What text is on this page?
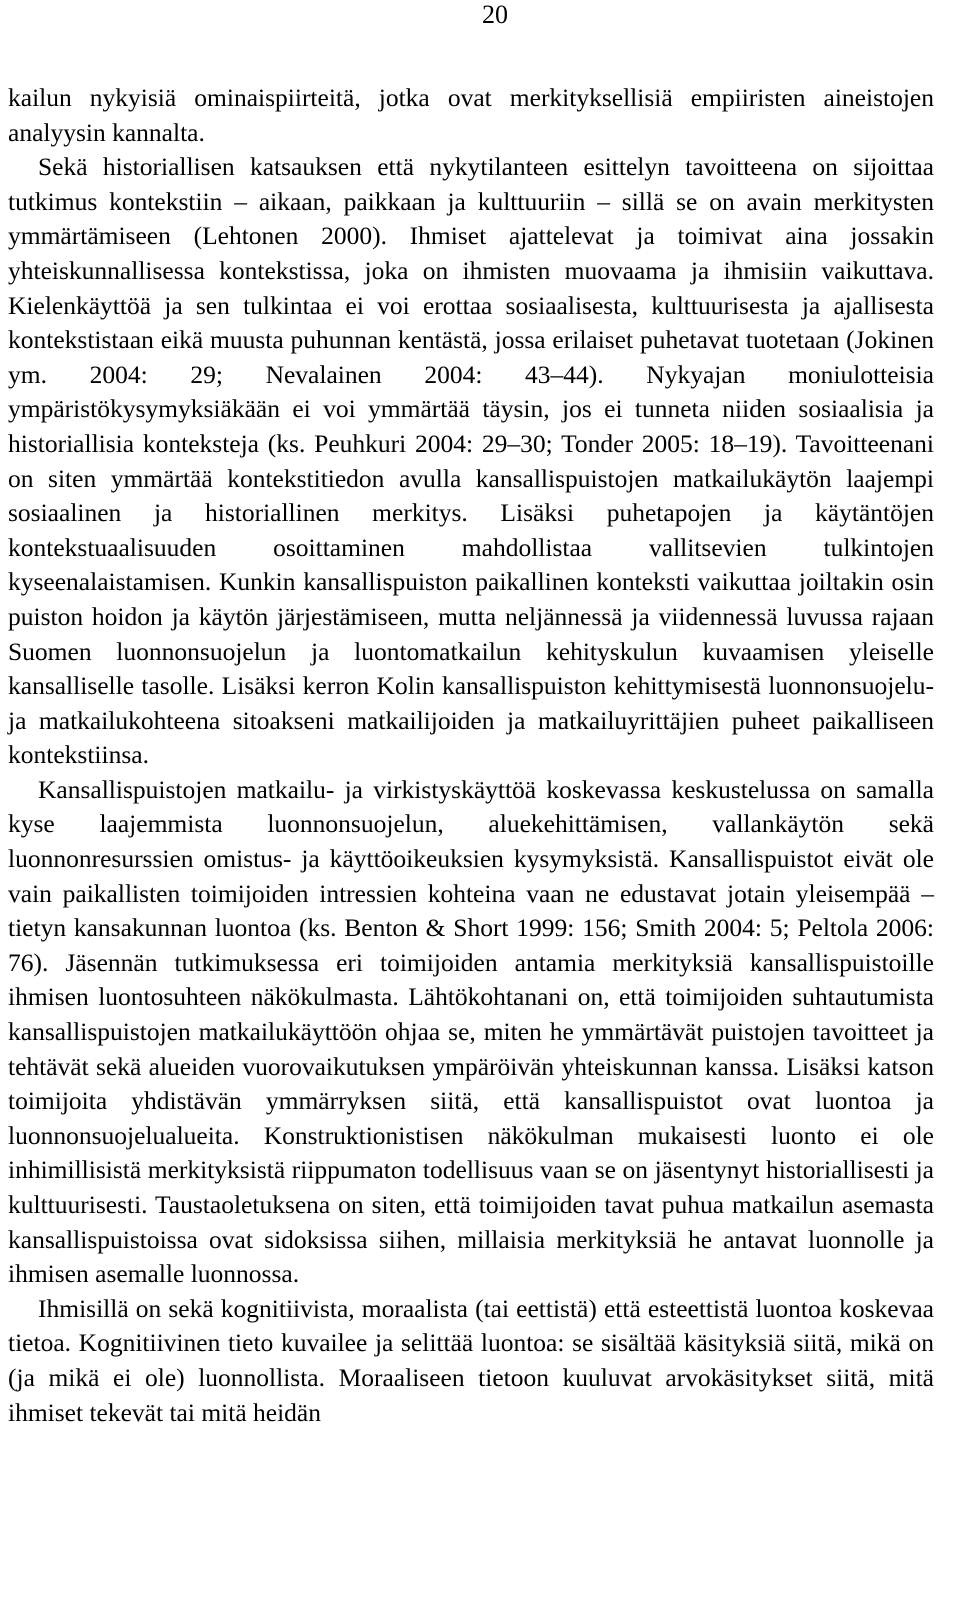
20

kailun nykyisiä ominaispiirteitä, jotka ovat merkityksellisiä empiiristen aineistojen analyysin kannalta.

Sekä historiallisen katsauksen että nykytilanteen esittelyn tavoitteena on sijoittaa tutkimus kontekstiin – aikaan, paikkaan ja kulttuuriin – sillä se on avain merkitysten ymmärtämiseen (Lehtonen 2000). Ihmiset ajattelevat ja toimivat aina jossakin yhteiskunnallisessa kontekstissa, joka on ihmisten muovaama ja ihmisiin vaikuttava. Kielenkäyttöä ja sen tulkintaa ei voi erottaa sosiaalisesta, kulttuurisesta ja ajallisesta kontekstistaan eikä muusta puhunnan kentästä, jossa erilaiset puhetavat tuotetaan (Jokinen ym. 2004: 29; Nevalainen 2004: 43–44). Nykyajan moniulotteisia ympäristökysymyksiäkään ei voi ymmärtää täysin, jos ei tunneta niiden sosiaalisia ja historiallisia konteksteja (ks. Peuhkuri 2004: 29–30; Tonder 2005: 18–19). Tavoitteenani on siten ymmärtää kontekstitiedon avulla kansallispuistojen matkailukäytön laajempi sosiaalinen ja historiallinen merkitys. Lisäksi puhetapojen ja käytäntöjen kontekstuaalisuuden osoittaminen mahdollistaa vallitsevien tulkintojen kyseenalaistamisen. Kunkin kansallispuiston paikallinen konteksti vaikuttaa joiltakin osin puiston hoidon ja käytön järjestämiseen, mutta neljännessä ja viidennessä luvussa rajaan Suomen luonnonsuojelun ja luontomatkailun kehityskulun kuvaamisen yleiselle kansalliselle tasolle. Lisäksi kerron Kolin kansallispuiston kehittymisestä luonnonsuojelu- ja matkailukohteena sitoakseni matkailijoiden ja matkailuyrittäjien puheet paikalliseen kontekstiinsa.

Kansallispuistojen matkailu- ja virkistyskäyttöä koskevassa keskustelussa on samalla kyse laajemmista luonnonsuojelun, aluekehittämisen, vallankäytön sekä luonnonresurssien omistus- ja käyttöoikeuksien kysymyksistä. Kansallispuistot eivät ole vain paikallisten toimijoiden intressien kohteina vaan ne edustavat jotain yleisempää – tietyn kansakunnan luontoa (ks. Benton & Short 1999: 156; Smith 2004: 5; Peltola 2006: 76). Jäsennän tutkimuksessa eri toimijoiden antamia merkityksiä kansallispuistoille ihmisen luontosuhteen näkökulmasta. Lähtökohtanani on, että toimijoiden suhtautumista kansallispuistojen matkailukäyttöön ohjaa se, miten he ymmärtävät puistojen tavoitteet ja tehtävät sekä alueiden vuorovaikutuksen ympäröivän yhteiskunnan kanssa. Lisäksi katson toimijoita yhdistävän ymmärryksen siitä, että kansallispuistot ovat luontoa ja luonnonsuojelualueita. Konstruktionistisen näkökulman mukaisesti luonto ei ole inhimillisistä merkityksistä riippumaton todellisuus vaan se on jäsentynyt historiallisesti ja kulttuurisesti. Taustaoletuksena on siten, että toimijoiden tavat puhua matkailun asemasta kansallispuistoissa ovat sidoksissa siihen, millaisia merkityksiä he antavat luonnolle ja ihmisen asemalle luonnossa.

Ihmisillä on sekä kognitiivista, moraalista (tai eettistä) että esteettistä luontoa koskevaa tietoa. Kognitiivinen tieto kuvailee ja selittää luontoa: se sisältää käsityksiä siitä, mikä on (ja mikä ei ole) luonnollista. Moraaliseen tietoon kuuluvat arvokäsitykset siitä, mitä ihmiset tekevät tai mitä heidän
